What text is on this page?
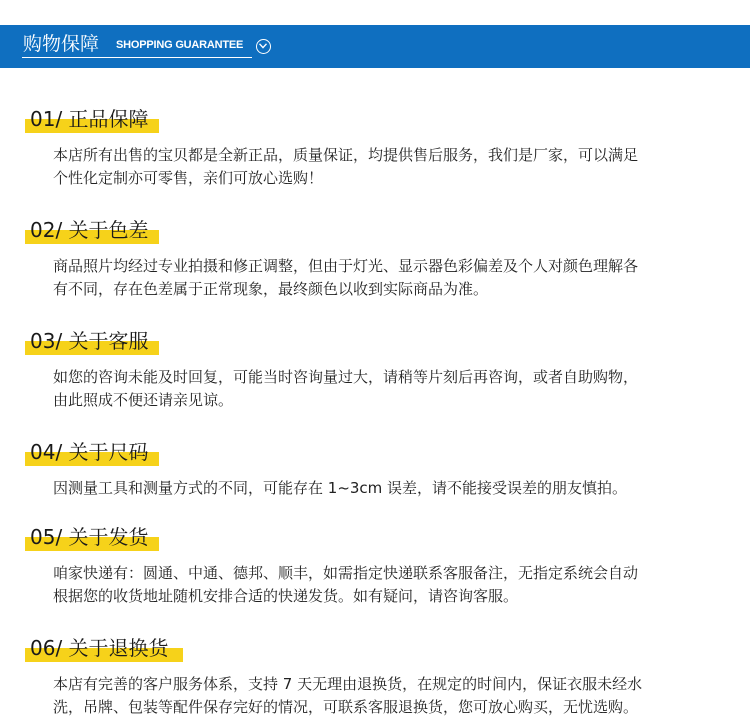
购物保障 SHOPPING GUARANTEE
01/ 正品保障
本店所有出售的宝贝都是全新正品，质量保证，均提供售后服务，我们是厂家，可以满足
个性化定制亦可零售，亲们可放心选购！
02/ 关于色差
商品照片均经过专业拍摄和修正调整，但由于灯光、显示器色彩偏差及个人对颜色理解各
有不同，存在色差属于正常现象，最终颜色以收到实际商品为准。
03/ 关于客服
如您的咨询未能及时回复，可能当时咨询量过大，请稍等片刻后再咨询，或者自助购物，
由此照成不便还请亲见谅。
04/ 关于尺码
因测量工具和测量方式的不同，可能存在 1~3cm 误差，请不能接受误差的朋友慎拍。
05/ 关于发货
咱家快递有：圆通、中通、德邦、顺丰，如需指定快递联系客服备注，无指定系统会自动
根据您的收货地址随机安排合适的快递发货。如有疑问，请咨询客服。
06/ 关于退换货
本店有完善的客户服务体系，支持 7 天无理由退换货，在规定的时间内，保证衣服未经水
洗，吊牌、包装等配件保存完好的情况，可联系客服退换货，您可放心购买，无忧选购。
